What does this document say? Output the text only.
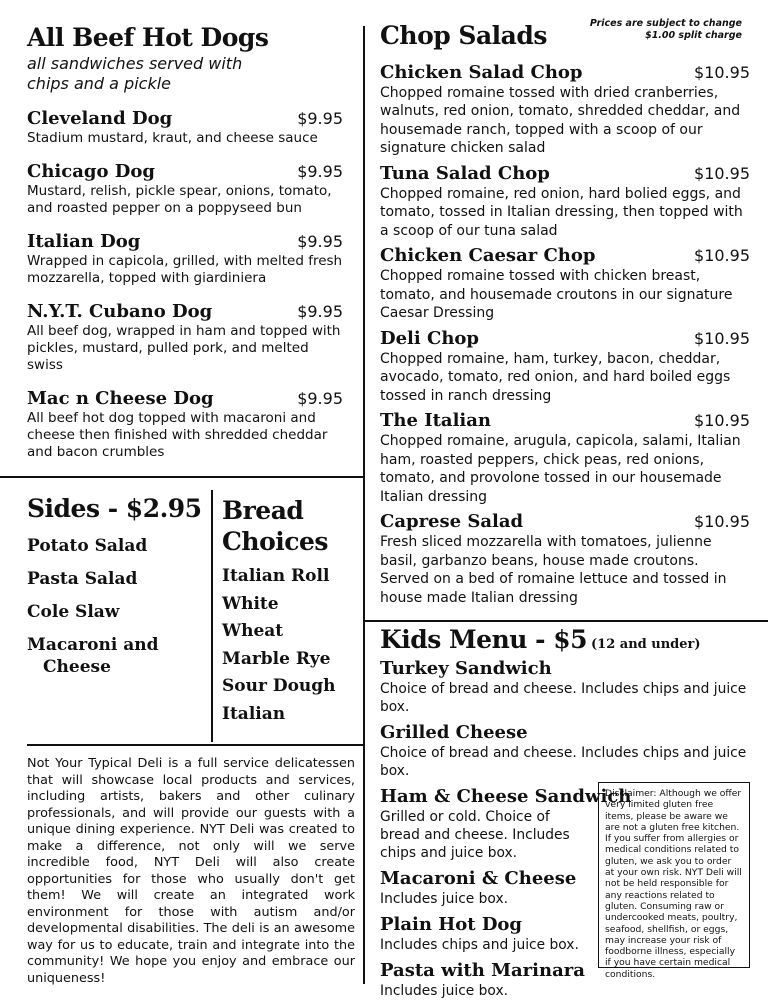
Prices are subject to change
$1.00 split charge
All Beef Hot Dogs

all sandwiches served with
chips and a pickle

Cleveland Dog	$9.95
Stadium mustard, kraut, and cheese sauce
Chicago Dog	$9.95
Mustard, relish, pickle spear, onions, tomato, and roasted pepper on a poppyseed bun
Italian Dog	$9.95
Wrapped in capicola, grilled, with melted fresh mozzarella, topped with giardiniera
N.Y.T. Cubano Dog	$9.95
All beef dog, wrapped in ham and topped with pickles, mustard, pulled pork, and melted swiss
Mac n Cheese Dog	$9.95
All beef hot dog topped with macaroni and cheese then finished with shredded cheddar and bacon crumbles
Chop Salads
Chicken Salad Chop	$10.95
Chopped romaine tossed with dried cranberries, walnuts, red onion, tomato, shredded cheddar, and housemade ranch, topped with a scoop of our signature chicken salad
Tuna Salad Chop	$10.95
Chopped romaine, red onion, hard bolied eggs, and tomato, tossed in Italian dressing, then topped with a scoop of our tuna salad
Chicken Caesar Chop	$10.95
Chopped romaine tossed with chicken breast, tomato, and housemade croutons in our signature Caesar Dressing
Deli Chop	$10.95
Chopped romaine, ham, turkey, bacon, cheddar, avocado, tomato, red onion, and hard boiled eggs tossed in ranch dressing
The Italian	$10.95
Chopped romaine, arugula, capicola, salami, Italian ham, roasted peppers, chick peas, red onions, tomato, and provolone tossed in our housemade Italian dressing
Caprese Salad	$10.95
Fresh sliced mozzarella with tomatoes, julienne basil, garbanzo beans, house made croutons. Served on a bed of romaine lettuce and tossed in house made Italian dressing
Sides - $2.95
Potato Salad
Pasta Salad
Cole Slaw
Macaroni and
Cheese
Bread
Choices
Italian Roll
White
Wheat
Marble Rye
Sour Dough
Italian
Not Your Typical Deli is a full service delicatessen that will showcase local products and services, including artists, bakers and other culinary professionals, and will provide our guests with a unique dining experience. NYT Deli was created to make a difference, not only will we serve incredible food, NYT Deli will also create opportunities for those who usually don't get them! We will create an integrated work environment for those with autism and/or developmental disabilities. The deli is an awesome way for us to educate, train and integrate into the community! We hope you enjoy and embrace our uniqueness!
Kids Menu - $5 (12 and under)
Turkey Sandwich
Choice of bread and cheese. Includes chips and juice box.
Grilled Cheese
Choice of bread and cheese. Includes chips and juice box.
Ham & Cheese Sandwich
Grilled or cold. Choice of bread and cheese. Includes chips and juice box.
Macaroni & Cheese
Includes juice box.
Plain Hot Dog
Includes chips and juice box.
Pasta with Marinara
Includes juice box.
Disclaimer: Although we offer very limited gluten free items, please be aware we are not a gluten free kitchen. If you suffer from allergies or medical conditions related to gluten, we ask you to order at your own risk. NYT Deli will not be held responsible for any reactions related to gluten. Consuming raw or undercooked meats, poultry, seafood, shellfish, or eggs, may increase your risk of foodborne illness, especially if you have certain medical conditions.
